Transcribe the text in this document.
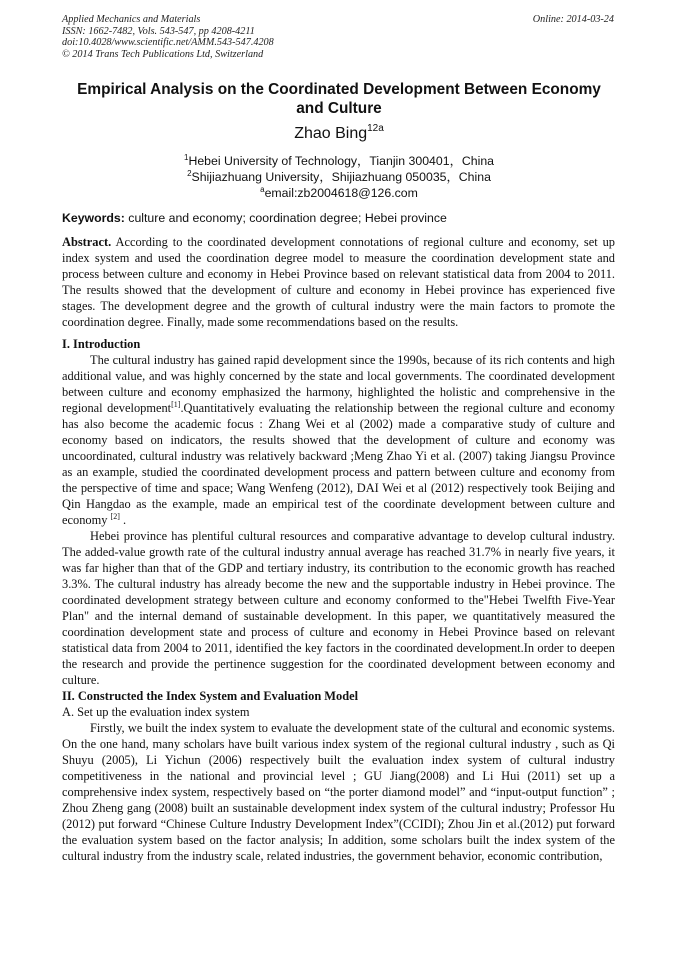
Applied Mechanics and Materials
ISSN: 1662-7482, Vols. 543-547, pp 4208-4211
doi:10.4028/www.scientific.net/AMM.543-547.4208
© 2014 Trans Tech Publications Ltd, Switzerland
Online: 2014-03-24
Empirical Analysis on the Coordinated Development Between Economy and Culture
Zhao Bing$^{12a}$
$^1$Hebei University of Technology，Tianjin 300401，China
$^2$Shijiazhuang University，Shijiazhuang 050035，China
$^a$email:zb2004618@126.com
Keywords: culture and economy; coordination degree; Hebei province

Abstract. According to the coordinated development connotations of regional culture and economy, set up index system and used the coordination degree model to measure the coordination development state and process between culture and economy in Hebei Province based on relevant statistical data from 2004 to 2011. The results showed that the development of culture and economy in Hebei province has experienced five stages. The development degree and the growth of cultural industry were the main factors to promote the coordination degree. Finally, made some recommendations based on the results.

I. Introduction

The cultural industry has gained rapid development since the 1990s, because of its rich contents and high additional value, and was highly concerned by the state and local governments. The coordinated development between culture and economy emphasized the harmony, highlighted the holistic and comprehensive in the regional development[1].Quantitatively evaluating the relationship between the regional culture and economy has also become the academic focus : Zhang Wei et al (2002) made a comparative study of culture and economy based on indicators, the results showed that the development of culture and economy was uncoordinated, cultural industry was relatively backward ;Meng Zhao Yi et al. (2007) taking Jiangsu Province as an example, studied the coordinated development process and pattern between culture and economy from the perspective of time and space; Wang Wenfeng (2012), DAI Wei et al (2012) respectively took Beijing and Qin Hangdao as the example, made an empirical test of the coordinate development between culture and economy [2] .

Hebei province has plentiful cultural resources and comparative advantage to develop cultural industry. The added-value growth rate of the cultural industry annual average has reached 31.7% in nearly five years, it was far higher than that of the GDP and tertiary industry, its contribution to the economic growth has reached 3.3%. The cultural industry has already become the new and the supportable industry in Hebei province. The coordinated development strategy between culture and economy conformed to the"Hebei Twelfth Five-Year Plan" and the internal demand of sustainable development. In this paper, we quantitatively measured the coordination development state and process of culture and economy in Hebei Province based on relevant statistical data from 2004 to 2011, identified the key factors in the coordinated development.In order to deepen the research and provide the pertinence suggestion for the coordinated development between economy and culture.

II. Constructed the Index System and Evaluation Model

A. Set up the evaluation index system

Firstly, we built the index system to evaluate the development state of the cultural and economic systems. On the one hand, many scholars have built various index system of the regional cultural industry , such as Qi Shuyu (2005), Li Yichun (2006) respectively built the evaluation index system of cultural industry competitiveness in the national and provincial level ; GU Jiang(2008) and Li Hui (2011) set up a comprehensive index system, respectively based on “the porter diamond model” and “input-output function” ; Zhou Zheng gang (2008) built an sustainable development index system of the cultural industry; Professor Hu (2012) put forward “Chinese Culture Industry Development Index”(CCIDI); Zhou Jin et al.(2012) put forward the evaluation system based on the factor analysis; In addition, some scholars built the index system of the cultural industry from the industry scale, related industries, the government behavior, economic contribution,
